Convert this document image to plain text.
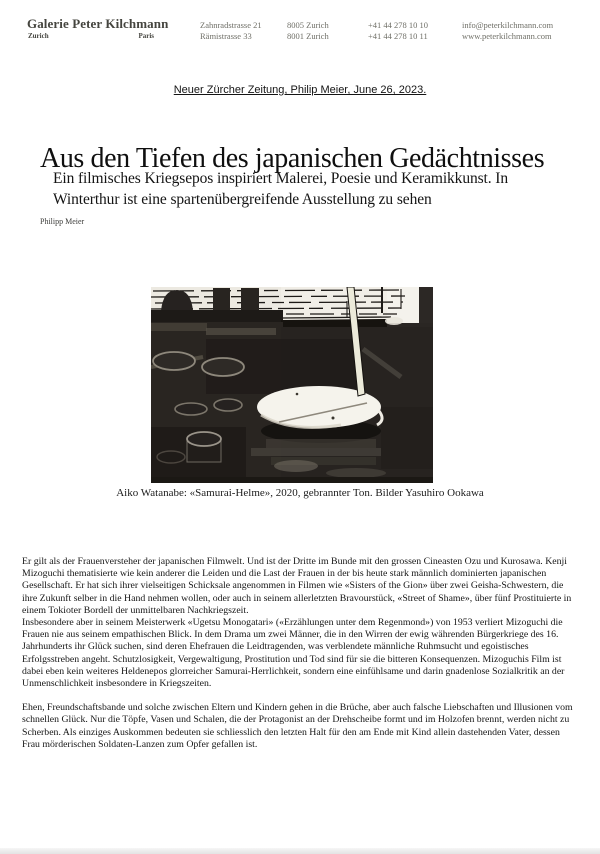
Galerie Peter Kilchmann
Zurich	Paris
Zahnradstrasse 21
Rämistrasse 33
8005 Zurich
8001 Zurich
+41 44 278 10 10
+41 44 278 10 11
info@peterkilchmann.com
www.peterkilchmann.com
Neuer Zürcher Zeitung, Philip Meier, June 26, 2023.
Aus den Tiefen des japanischen Gedächtnisses
Ein filmisches Kriegsepos inspiriert Malerei, Poesie und Keramikkunst. In Winterthur ist eine spartenübergreifende Ausstellung zu sehen
Philipp Meier
Aiko Watanabe: «Samurai-Helme», 2020, gebrannter Ton. Bilder Yasuhiro Ookawa

Er gilt als der Frauenversteher der japanischen Filmwelt. Und ist der Dritte im Bunde mit den grossen Cineasten Ozu und Kurosawa. Kenji Mizoguchi thematisierte wie kein anderer die Leiden und die Last der Frauen in der bis heute stark männlich dominierten japanischen Gesellschaft. Er hat sich ihrer vielseitigen Schicksale angenommen in Filmen wie «Sisters of the Gion» über zwei Geisha-Schwestern, die ihre Zukunft selber in die Hand nehmen wollen, oder auch in seinem allerletzten Bravourstück, «Street of Shame», über fünf Prostituierte in einem Tokioter Bordell der unmittelbaren Nachkriegszeit.

Insbesondere aber in seinem Meisterwerk «Ugetsu Monogatari» («Erzählungen unter dem Regenmond») von 1953 verliert Mizoguchi die Frauen nie aus seinem empathischen Blick. In dem Drama um zwei Männer, die in den Wirren der ewig währenden Bürgerkriege des 16. Jahrhunderts ihr Glück suchen, sind deren Ehefrauen die Leidtragenden, was verblendete männliche Ruhmsucht und egoistisches Erfolgsstreben angeht. Schutzlosigkeit, Vergewaltigung, Prostitution und Tod sind für sie die bitteren Konsequenzen. Mizoguchis Film ist dabei eben kein weiteres Heldenepos glorreicher Samurai-Herrlichkeit, sondern eine einfühlsame und darin gnadenlose Sozialkritik an der Unmenschlichkeit insbesondere in Kriegszeiten.

Ehen, Freundschaftsbande und solche zwischen Eltern und Kindern gehen in die Brüche, aber auch falsche Liebschaften und Illusionen vom schnellen Glück. Nur die Töpfe, Vasen und Schalen, die der Protagonist an der Drehscheibe formt und im Holzofen brennt, werden nicht zu Scherben. Als einziges Auskommen bedeuten sie schliesslich den letzten Halt für den am Ende mit Kind allein dastehenden Vater, dessen Frau mörderischen Soldaten-Lanzen zum Opfer gefallen ist.
